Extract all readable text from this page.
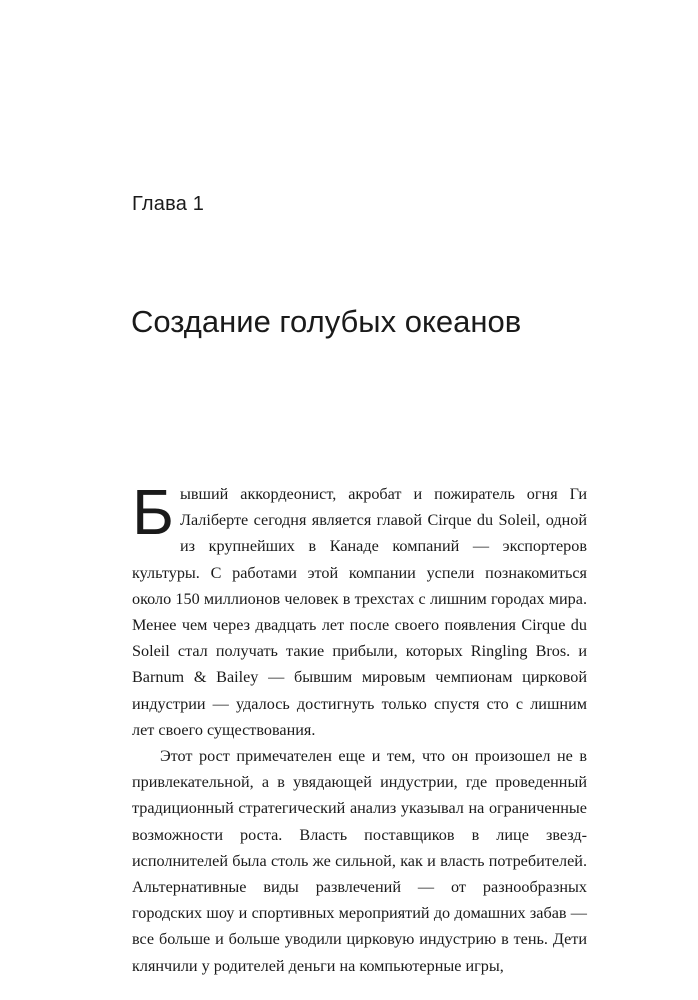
Глава 1
Создание голубых океанов

Бывший аккордеонист, акробат и пожиратель огня Ги Лаліберте сегодня является главой Cirque du Soleil, одной из крупнейших в Канаде компаний — экспортеров культуры. С работами этой компании успели познакомиться около 150 миллионов человек в трехстах с лишним городах мира. Менее чем через двадцать лет после своего появления Cirque du Soleil стал получать такие прибыли, которых Ringling Bros. и Barnum & Bailey — бывшим мировым чемпионам цирковой индустрии — удалось достигнуть только спустя сто с лишним лет своего существования.

Этот рост примечателен еще и тем, что он произошел не в привлекательной, а в увядающей индустрии, где проведенный традиционный стратегический анализ указывал на ограниченные возможности роста. Власть поставщиков в лице звезд-исполнителей была столь же сильной, как и власть потребителей. Альтернативные виды развлечений — от разнообразных городских шоу и спортивных мероприятий до домашних забав — все больше и больше уводили цирковую индустрию в тень. Дети клянчили у родителей деньги на компьютерные игры,
